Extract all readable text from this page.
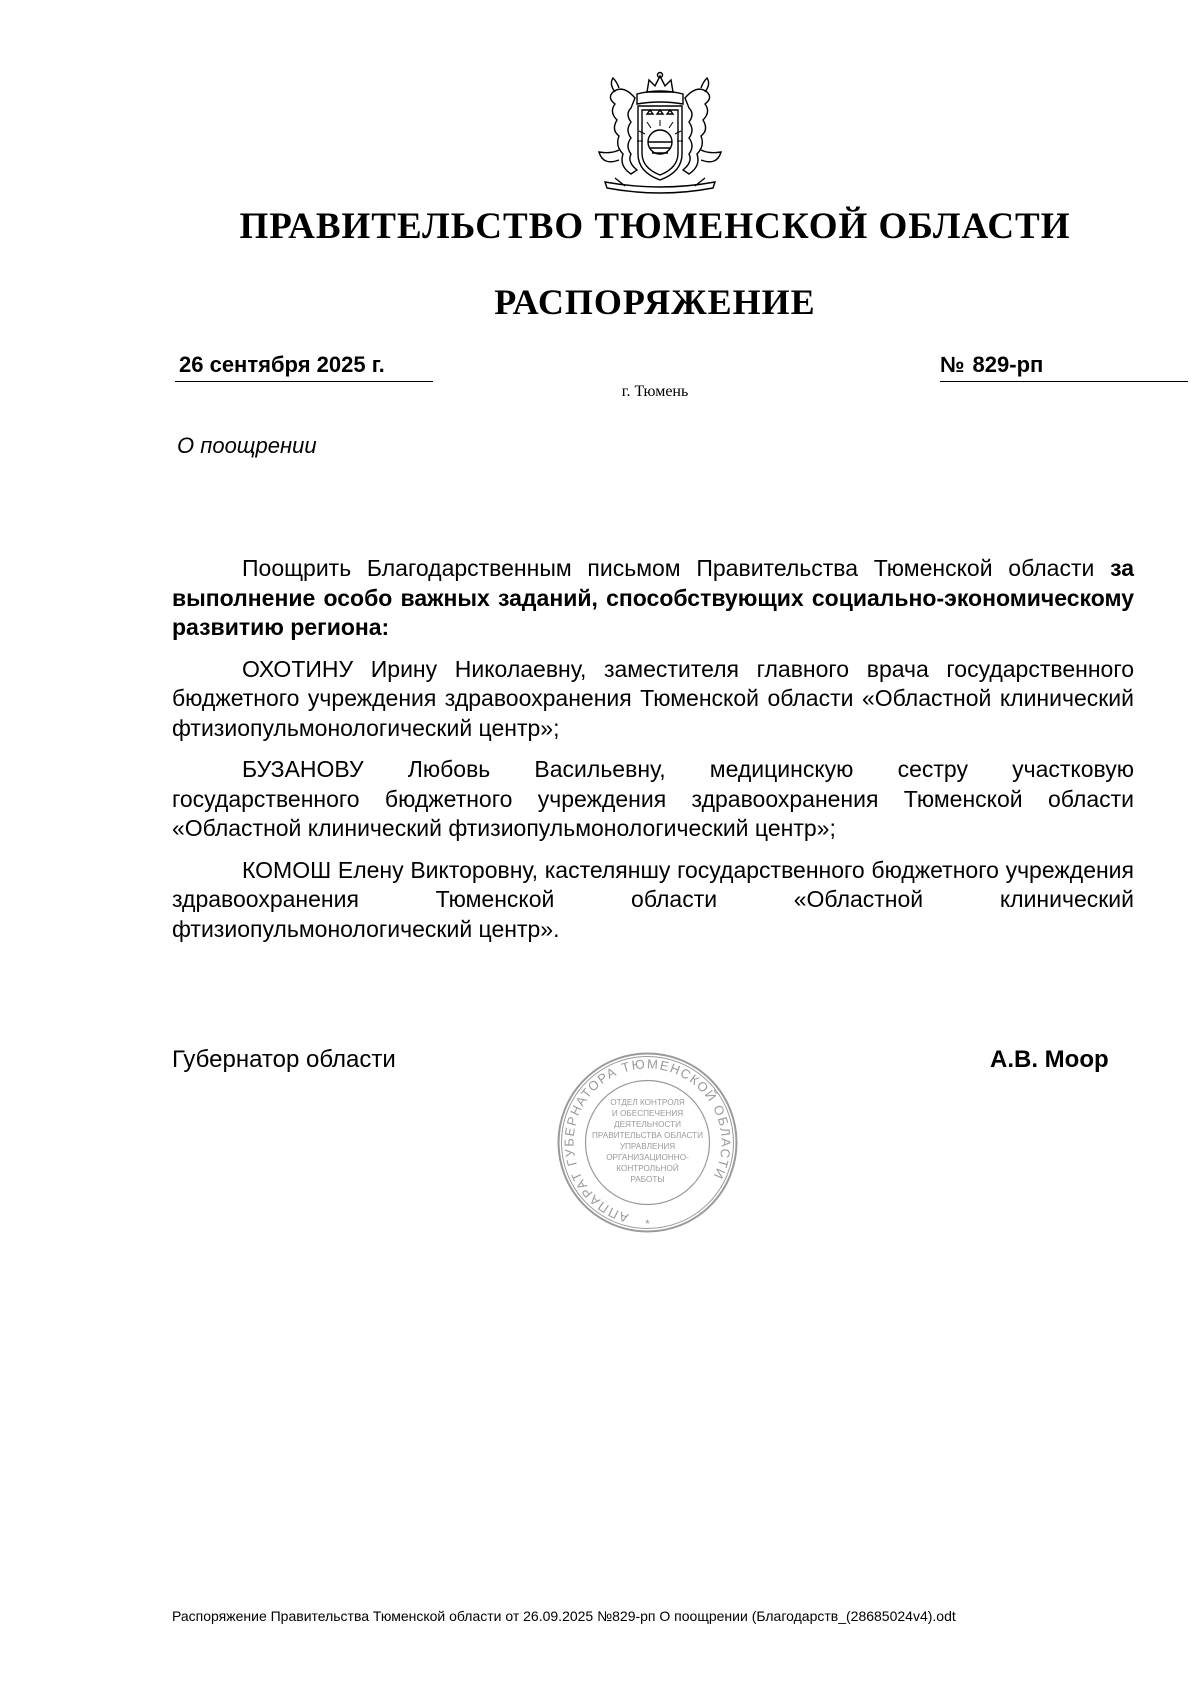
ПРАВИТЕЛЬСТВО ТЮМЕНСКОЙ ОБЛАСТИ
РАСПОРЯЖЕНИЕ
26 сентября 2025 г.	№ 829-рп
г. Тюмень
О поощрении

Поощрить Благодарственным письмом Правительства Тюменской области за выполнение особо важных заданий, способствующих социально-экономическому развитию региона:

ОХОТИНУ Ирину Николаевну, заместителя главного врача государственного бюджетного учреждения здравоохранения Тюменской области «Областной клинический фтизиопульмонологический центр»;

БУЗАНОВУ Любовь Васильевну, медицинскую сестру участковую государственного бюджетного учреждения здравоохранения Тюменской области «Областной клинический фтизиопульмонологический центр»;

КОМОШ Елену Викторовну, кастеляншу государственного бюджетного учреждения здравоохранения Тюменской области «Областной клинический фтизиопульмонологический центр».

Губернатор области	А.В. Моор
АППАРАТ ГУБЕРНАТОРА ТЮМЕНСКОЙ ОБЛАСТИ
*
ОТДЕЛ КОНТРОЛЯ
И ОБЕСПЕЧЕНИЯ
ДЕЯТЕЛЬНОСТИ
ПРАВИТЕЛЬСТВА ОБЛАСТИ
УПРАВЛЕНИЯ
ОРГАНИЗАЦИОННО-
КОНТРОЛЬНОЙ
РАБОТЫ
Распоряжение Правительства Тюменской области от 26.09.2025 №829-рп О поощрении (Благодарств_(28685024v4).odt
